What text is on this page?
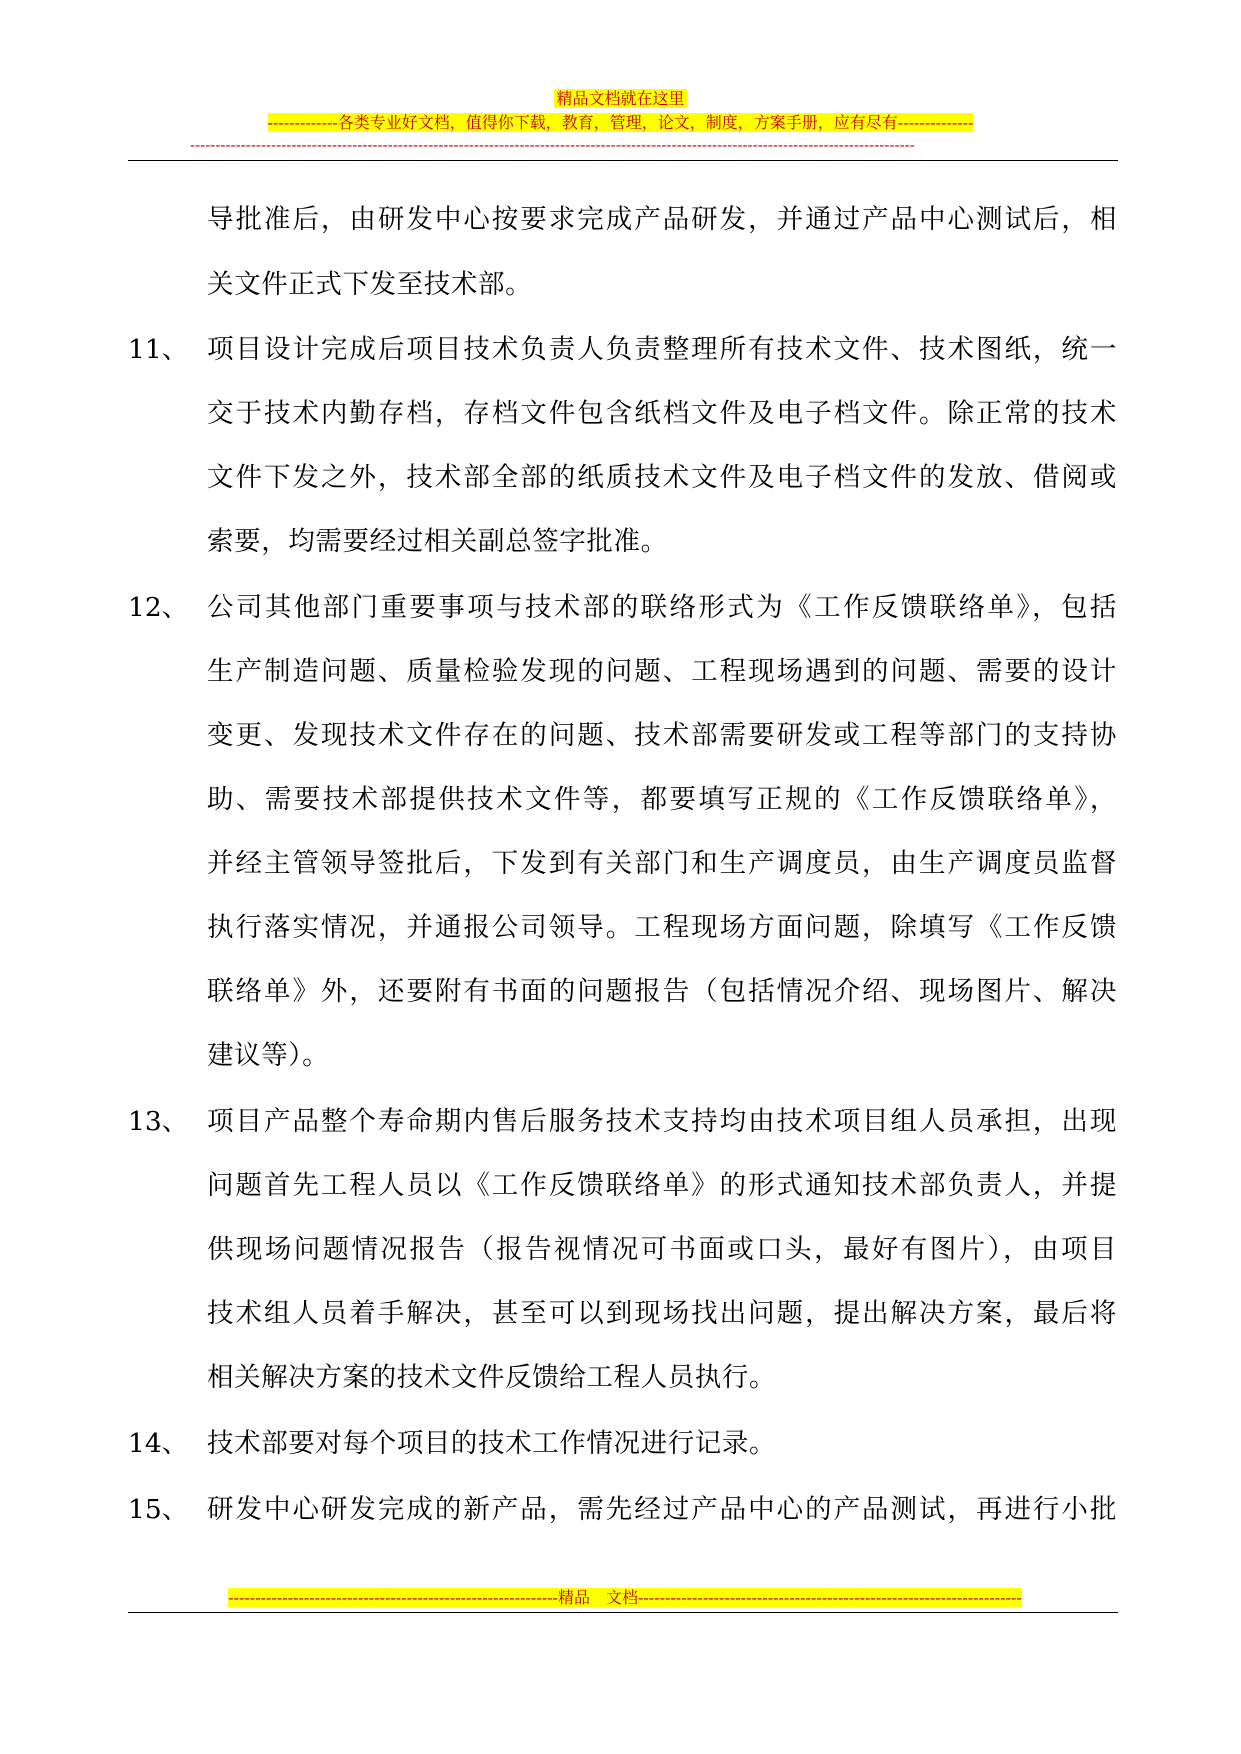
精品文档就在这里
-------------各类专业好文档，值得你下载，教育，管理，论文，制度，方案手册，应有尽有--------------
-----------------------------------------------------------------------------------------------------------------------------------------------
导批准后，由研发中心按要求完成产品研发，并通过产品中心测试后，相
关文件正式下发至技术部。
11、 项目设计完成后项目技术负责人负责整理所有技术文件、技术图纸，统一
交于技术内勤存档，存档文件包含纸档文件及电子档文件。除正常的技术
文件下发之外，技术部全部的纸质技术文件及电子档文件的发放、借阅或
索要，均需要经过相关副总签字批准。
12、 公司其他部门重要事项与技术部的联络形式为《工作反馈联络单》，包括
生产制造问题、质量检验发现的问题、工程现场遇到的问题、需要的设计
变更、发现技术文件存在的问题、技术部需要研发或工程等部门的支持协
助、需要技术部提供技术文件等，都要填写正规的《工作反馈联络单》，
并经主管领导签批后，下发到有关部门和生产调度员，由生产调度员监督
执行落实情况，并通报公司领导。工程现场方面问题，除填写《工作反馈
联络单》外，还要附有书面的问题报告（包括情况介绍、现场图片、解决
建议等）。
13、 项目产品整个寿命期内售后服务技术支持均由技术项目组人员承担，出现
问题首先工程人员以《工作反馈联络单》的形式通知技术部负责人，并提
供现场问题情况报告（报告视情况可书面或口头，最好有图片），由项目
技术组人员着手解决，甚至可以到现场找出问题，提出解决方案，最后将
相关解决方案的技术文件反馈给工程人员执行。
14、 技术部要对每个项目的技术工作情况进行记录。
15、 研发中心研发完成的新产品，需先经过产品中心的产品测试，再进行小批
-------------------------------------------------------------精品　文档-----------------------------------------------------------------------
